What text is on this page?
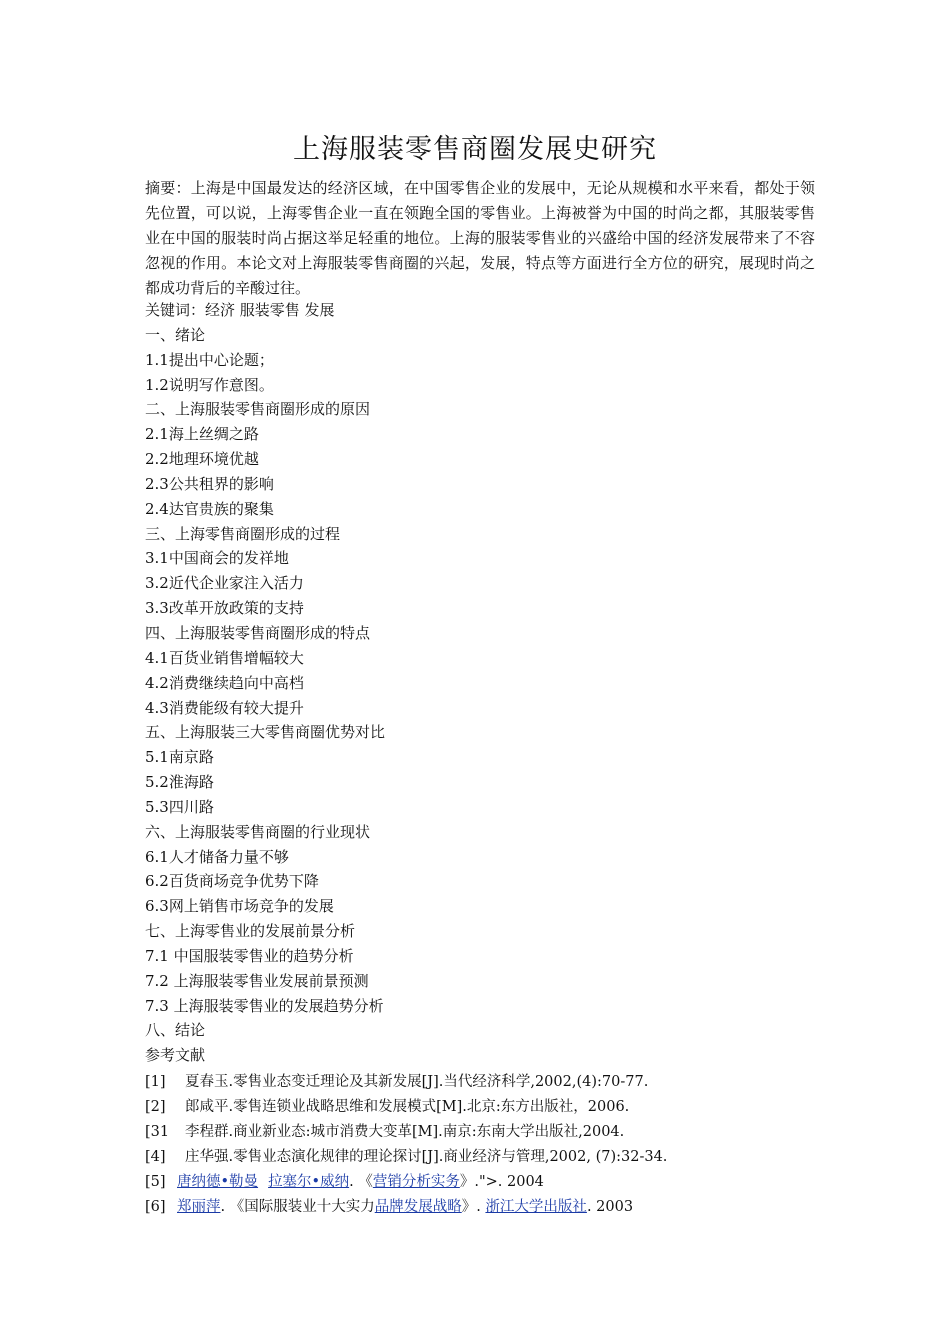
上海服装零售商圈发展史研究

摘要：上海是中国最发达的经济区域，在中国零售企业的发展中，无论从规模和水平来看，都处于领先位置，可以说，上海零售企业一直在领跑全国的零售业。上海被誉为中国的时尚之都，其服装零售业在中国的服装时尚占据这举足轻重的地位。上海的服装零售业的兴盛给中国的经济发展带来了不容忽视的作用。本论文对上海服装零售商圈的兴起，发展，特点等方面进行全方位的研究，展现时尚之都成功背后的辛酸过往。

关键词：经济 服装零售 发展
一、绪论
1.1提出中心论题；
1.2说明写作意图。
二、上海服装零售商圈形成的原因
2.1海上丝绸之路
2.2地理环境优越
2.3公共租界的影响
2.4达官贵族的聚集
三、上海零售商圈形成的过程
3.1中国商会的发祥地
3.2近代企业家注入活力
3.3改革开放政策的支持
四、上海服装零售商圈形成的特点
4.1百货业销售增幅较大
4.2消费继续趋向中高档
4.3消费能级有较大提升
五、上海服装三大零售商圈优势对比
5.1南京路
5.2淮海路
5.3四川路
六、上海服装零售商圈的行业现状
6.1人才储备力量不够
6.2百货商场竞争优势下降
6.3网上销售市场竞争的发展
七、上海零售业的发展前景分析
7.1 中国服装零售业的趋势分析
7.2 上海服装零售业发展前景预测
7.3 上海服装零售业的发展趋势分析
八、结论
参考文献
[1] 夏春玉.零售业态变迁理论及其新发展[J].当代经济科学,2002,(4):70-77.
[2] 郎咸平.零售连锁业战略思维和发展模式[M].北京:东方出版社，2006.
[31 李程群.商业新业态:城市消费大变革[M].南京:东南大学出版社,2004.
[4] 庄华强.零售业态演化规律的理论探讨[J].商业经济与管理,2002, (7):32-34.
[5] 唐纳德•勒曼 拉塞尔•威纳. 《营销分析实务》.">. 2004
[6] 郑丽萍. 《国际服装业十大实力品牌发展战略》. 浙江大学出版社. 2003
